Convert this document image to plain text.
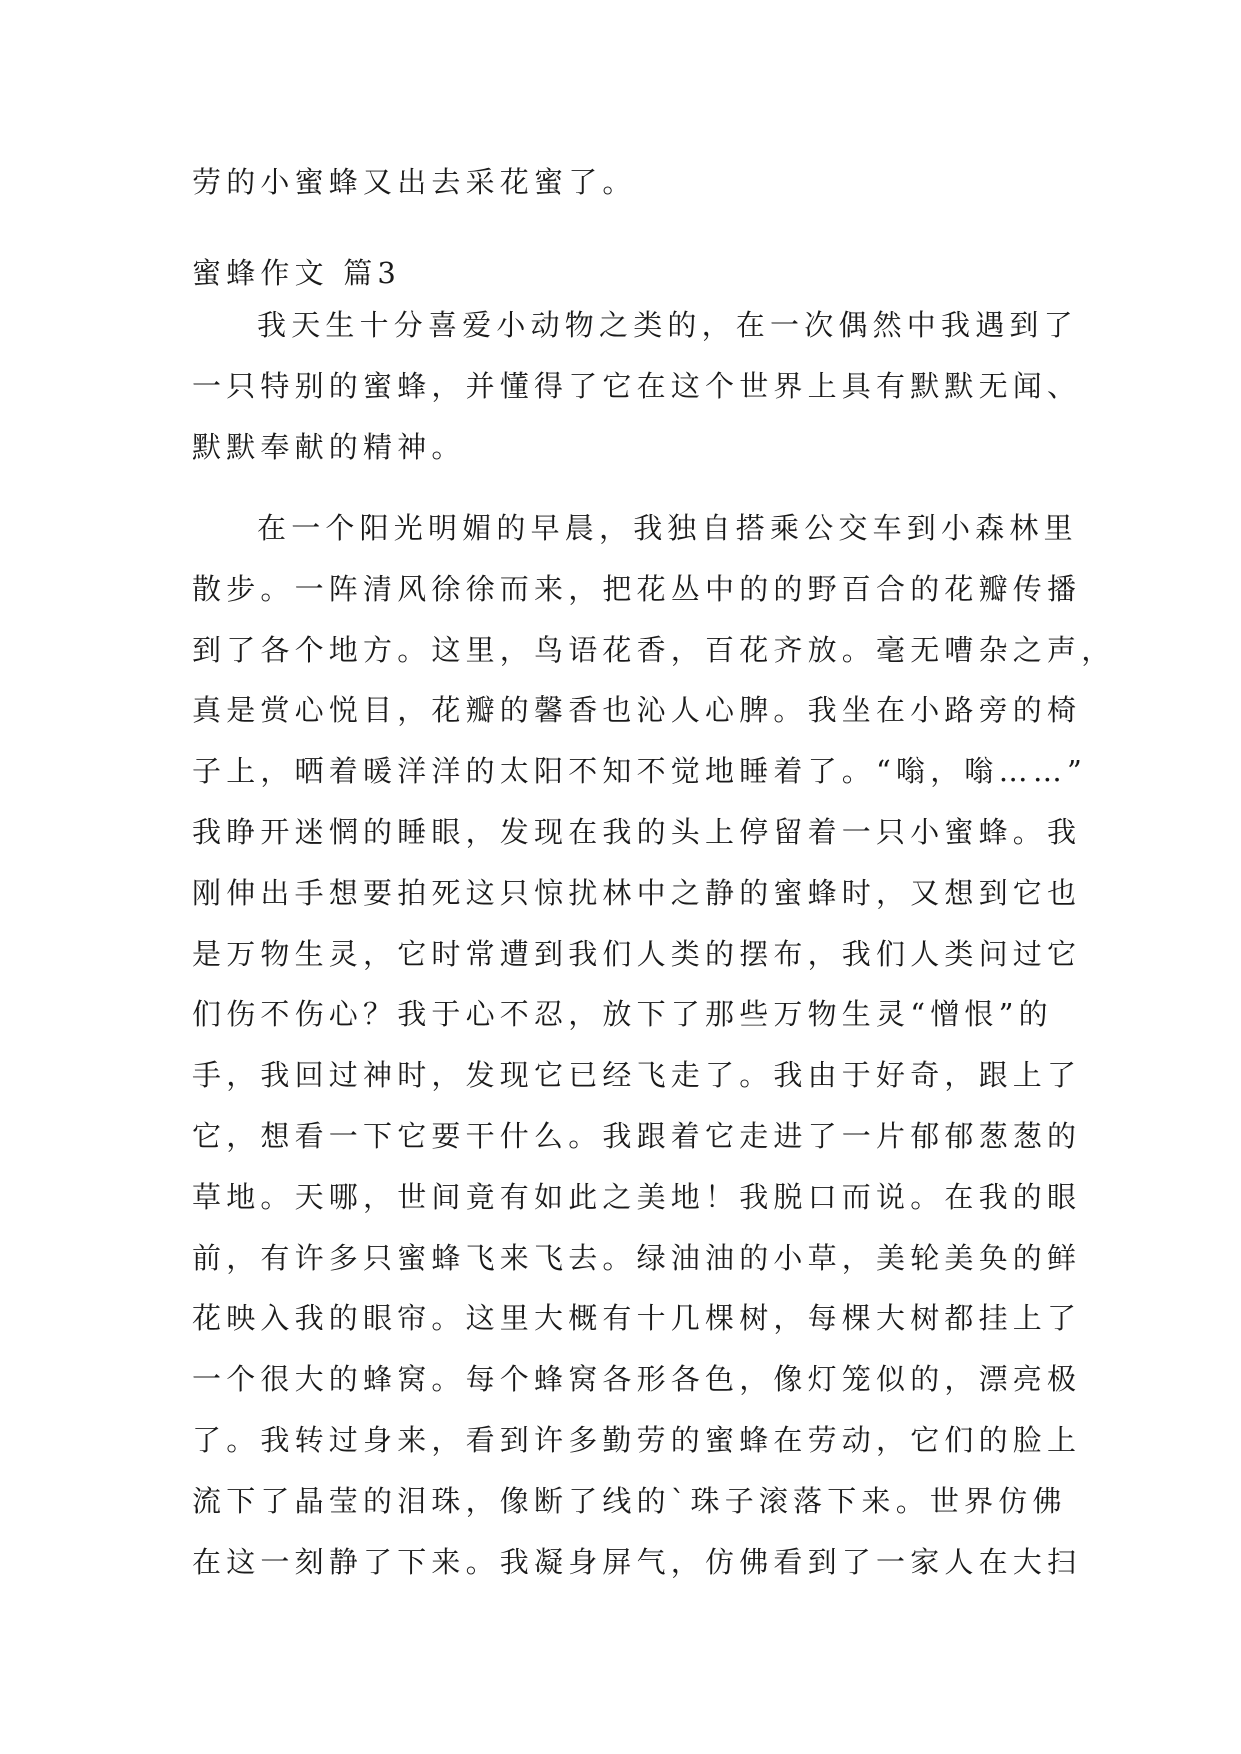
劳的小蜜蜂又出去采花蜜了。

蜜蜂作文 篇3

我天生十分喜爱小动物之类的，在一次偶然中我遇到了

一只特别的蜜蜂，并懂得了它在这个世界上具有默默无闻、

默默奉献的精神。

在一个阳光明媚的早晨，我独自搭乘公交车到小森林里

散步。一阵清风徐徐而来，把花丛中的的野百合的花瓣传播

到了各个地方。这里，鸟语花香，百花齐放。毫无嘈杂之声，

真是赏心悦目，花瓣的馨香也沁人心脾。我坐在小路旁的椅

子上，晒着暖洋洋的太阳不知不觉地睡着了。“嗡，嗡……”

我睁开迷惘的睡眼，发现在我的头上停留着一只小蜜蜂。我

刚伸出手想要拍死这只惊扰林中之静的蜜蜂时，又想到它也

是万物生灵，它时常遭到我们人类的摆布，我们人类问过它

们伤不伤心？我于心不忍，放下了那些万物生灵“憎恨”的

手，我回过神时，发现它已经飞走了。我由于好奇，跟上了

它，想看一下它要干什么。我跟着它走进了一片郁郁葱葱的

草地。天哪，世间竟有如此之美地！我脱口而说。在我的眼

前，有许多只蜜蜂飞来飞去。绿油油的小草，美轮美奂的鲜

花映入我的眼帘。这里大概有十几棵树，每棵大树都挂上了

一个很大的蜂窝。每个蜂窝各形各色，像灯笼似的，漂亮极

了。我转过身来，看到许多勤劳的蜜蜂在劳动，它们的脸上

流下了晶莹的泪珠，像断了线的`珠子滚落下来。世界仿佛

在这一刻静了下来。我凝身屏气，仿佛看到了一家人在大扫
